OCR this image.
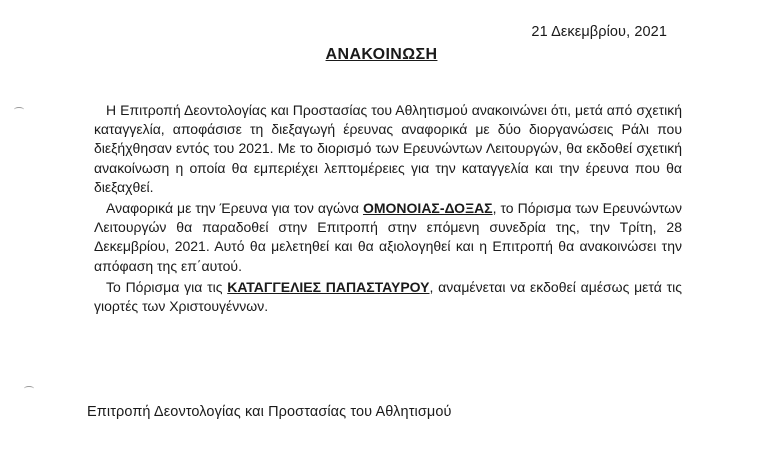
21 Δεκεμβρίου, 2021
ΑΝΑΚΟΙΝΩΣΗ

Η Επιτροπή Δεοντολογίας και Προστασίας του Αθλητισμού ανακοινώνει ότι, μετά από σχετική καταγγελία, αποφάσισε τη διεξαγωγή έρευνας αναφορικά με δύο διοργανώσεις Ράλι που διεξήχθησαν εντός του 2021. Με το διορισμό των Ερευνώντων Λειτουργών, θα εκδοθεί σχετική ανακοίνωση η οποία θα εμπεριέχει λεπτομέρειες για την καταγγελία και την έρευνα που θα διεξαχθεί.

Αναφορικά με την Έρευνα για τον αγώνα ΟΜΟΝΟΙΑΣ-ΔΟΞΑΣ, το Πόρισμα των Ερευνώντων Λειτουργών θα παραδοθεί στην Επιτροπή στην επόμενη συνεδρία της, την Τρίτη, 28 Δεκεμβρίου, 2021. Αυτό θα μελετηθεί και θα αξιολογηθεί και η Επιτροπή θα ανακοινώσει την απόφαση της επ΄αυτού.

Το Πόρισμα για τις ΚΑΤΑΓΓΕΛΙΕΣ ΠΑΠΑΣΤΑΥΡΟΥ, αναμένεται να εκδοθεί αμέσως μετά τις γιορτές των Χριστουγέννων.

Επιτροπή Δεοντολογίας και Προστασίας του Αθλητισμού
